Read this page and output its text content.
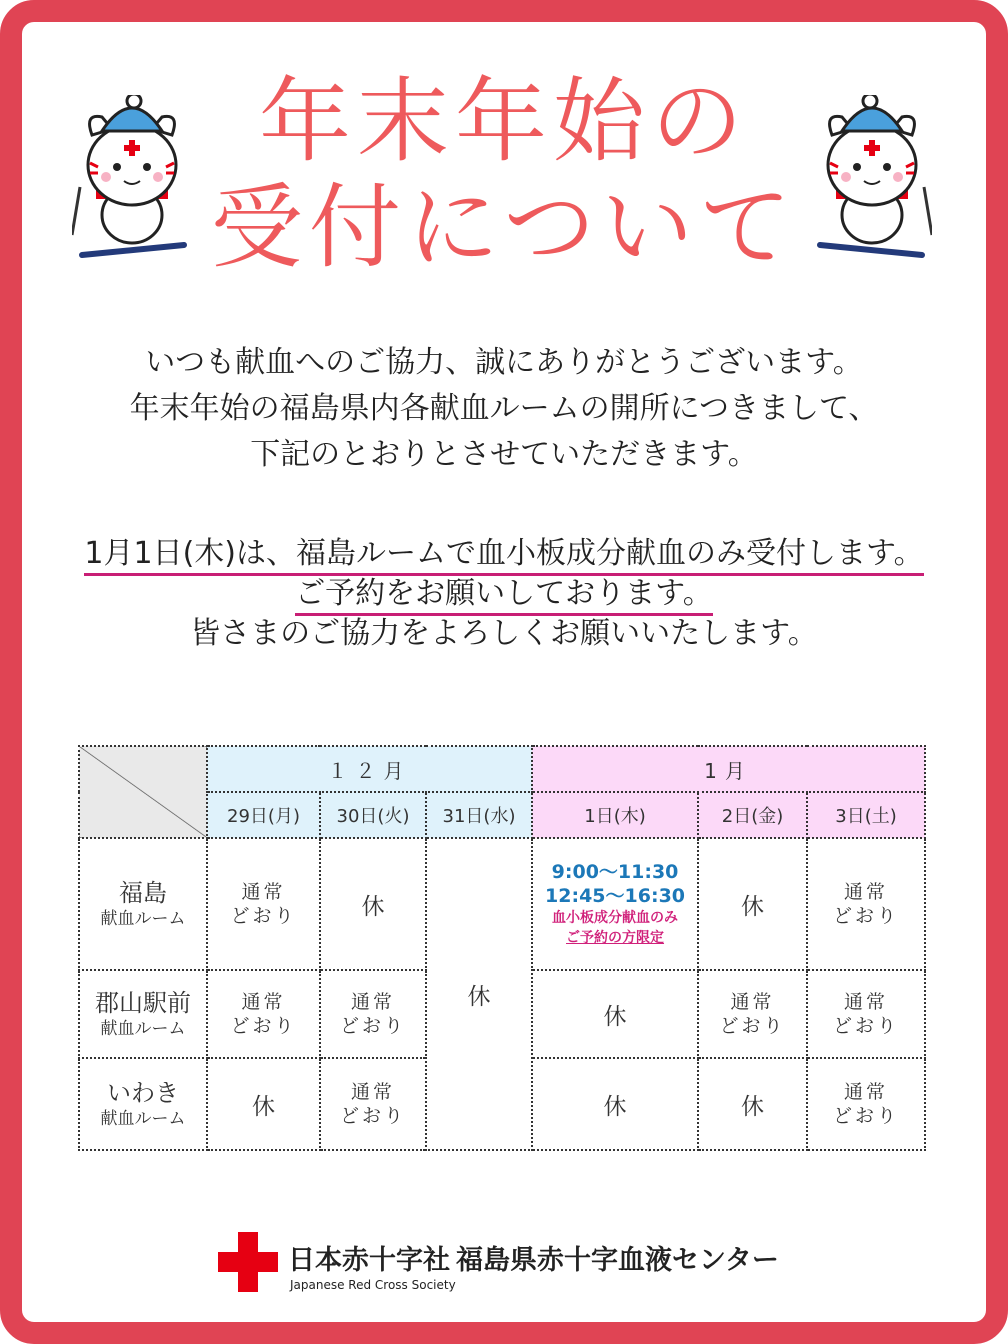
年末年始の
受付について
いつも献血へのご協力、誠にありがとうございます。
年末年始の福島県内各献血ルームの開所につきまして、
下記のとおりとさせていただきます。
1月1日(木)は、福島ルームで血小板成分献血のみ受付します。
ご予約をお願いしております。
皆さまのご協力をよろしくお願いいたします。
	１２月			1月		
	29日(月)	30日(火)	31日(水)	1日(木)	2日(金)	3日(土)

福島
献血ルーム	通常
どおり	休	休	9:00～11:30
12:45～16:30
血小板成分献血のみ
ご予約の方限定	休	通常
どおり

郡山駅前
献血ルーム	通常
どおり	通常
どおり		休	通常
どおり	通常
どおり

いわき
献血ルーム	休	通常
どおり		休	休	通常
どおり
日本赤十字社 福島県赤十字血液センター
Japanese Red Cross Society
